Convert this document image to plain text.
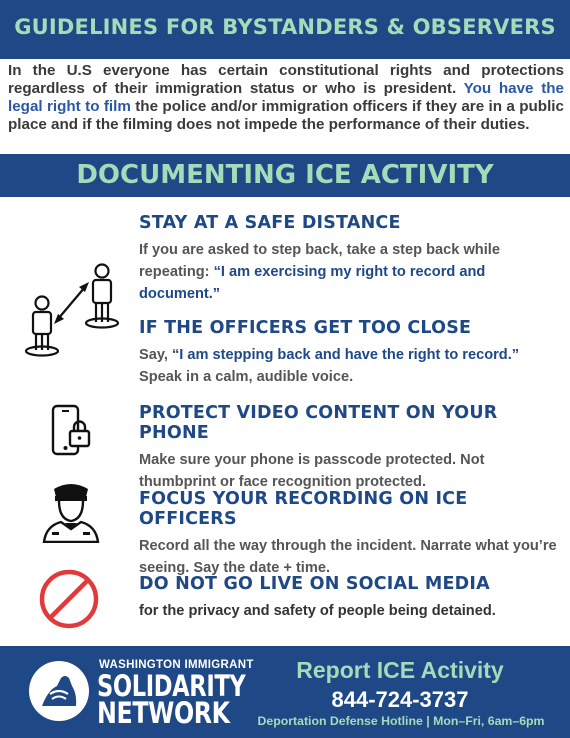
GUIDELINES FOR BYSTANDERS & OBSERVERS
In the U.S everyone has certain constitutional rights and protections regardless of their immigration status or who is president. You have the legal right to film the police and/or immigration officers if they are in a public place and if the filming does not impede the performance of their duties.
DOCUMENTING ICE ACTIVITY
STAY AT A SAFE DISTANCE

If you are asked to step back, take a step back while repeating: “I am exercising my right to record and document.”

IF THE OFFICERS GET TOO CLOSE

Say, “I am stepping back and have the right to record.” Speak in a calm, audible voice.

PROTECT VIDEO CONTENT ON YOUR PHONE

Make sure your phone is passcode protected. Not thumbprint or face recognition protected.

FOCUS YOUR RECORDING ON ICE OFFICERS

Record all the way through the incident. Narrate what you’re seeing. Say the date + time.

DO NOT GO LIVE ON SOCIAL MEDIA

for the privacy and safety of people being detained.

WASHINGTON IMMIGRANT
SOLIDARITY
NETWORK
Report ICE Activity
844-724-3737
Deportation Defense Hotline | Mon–Fri, 6am–6pm
